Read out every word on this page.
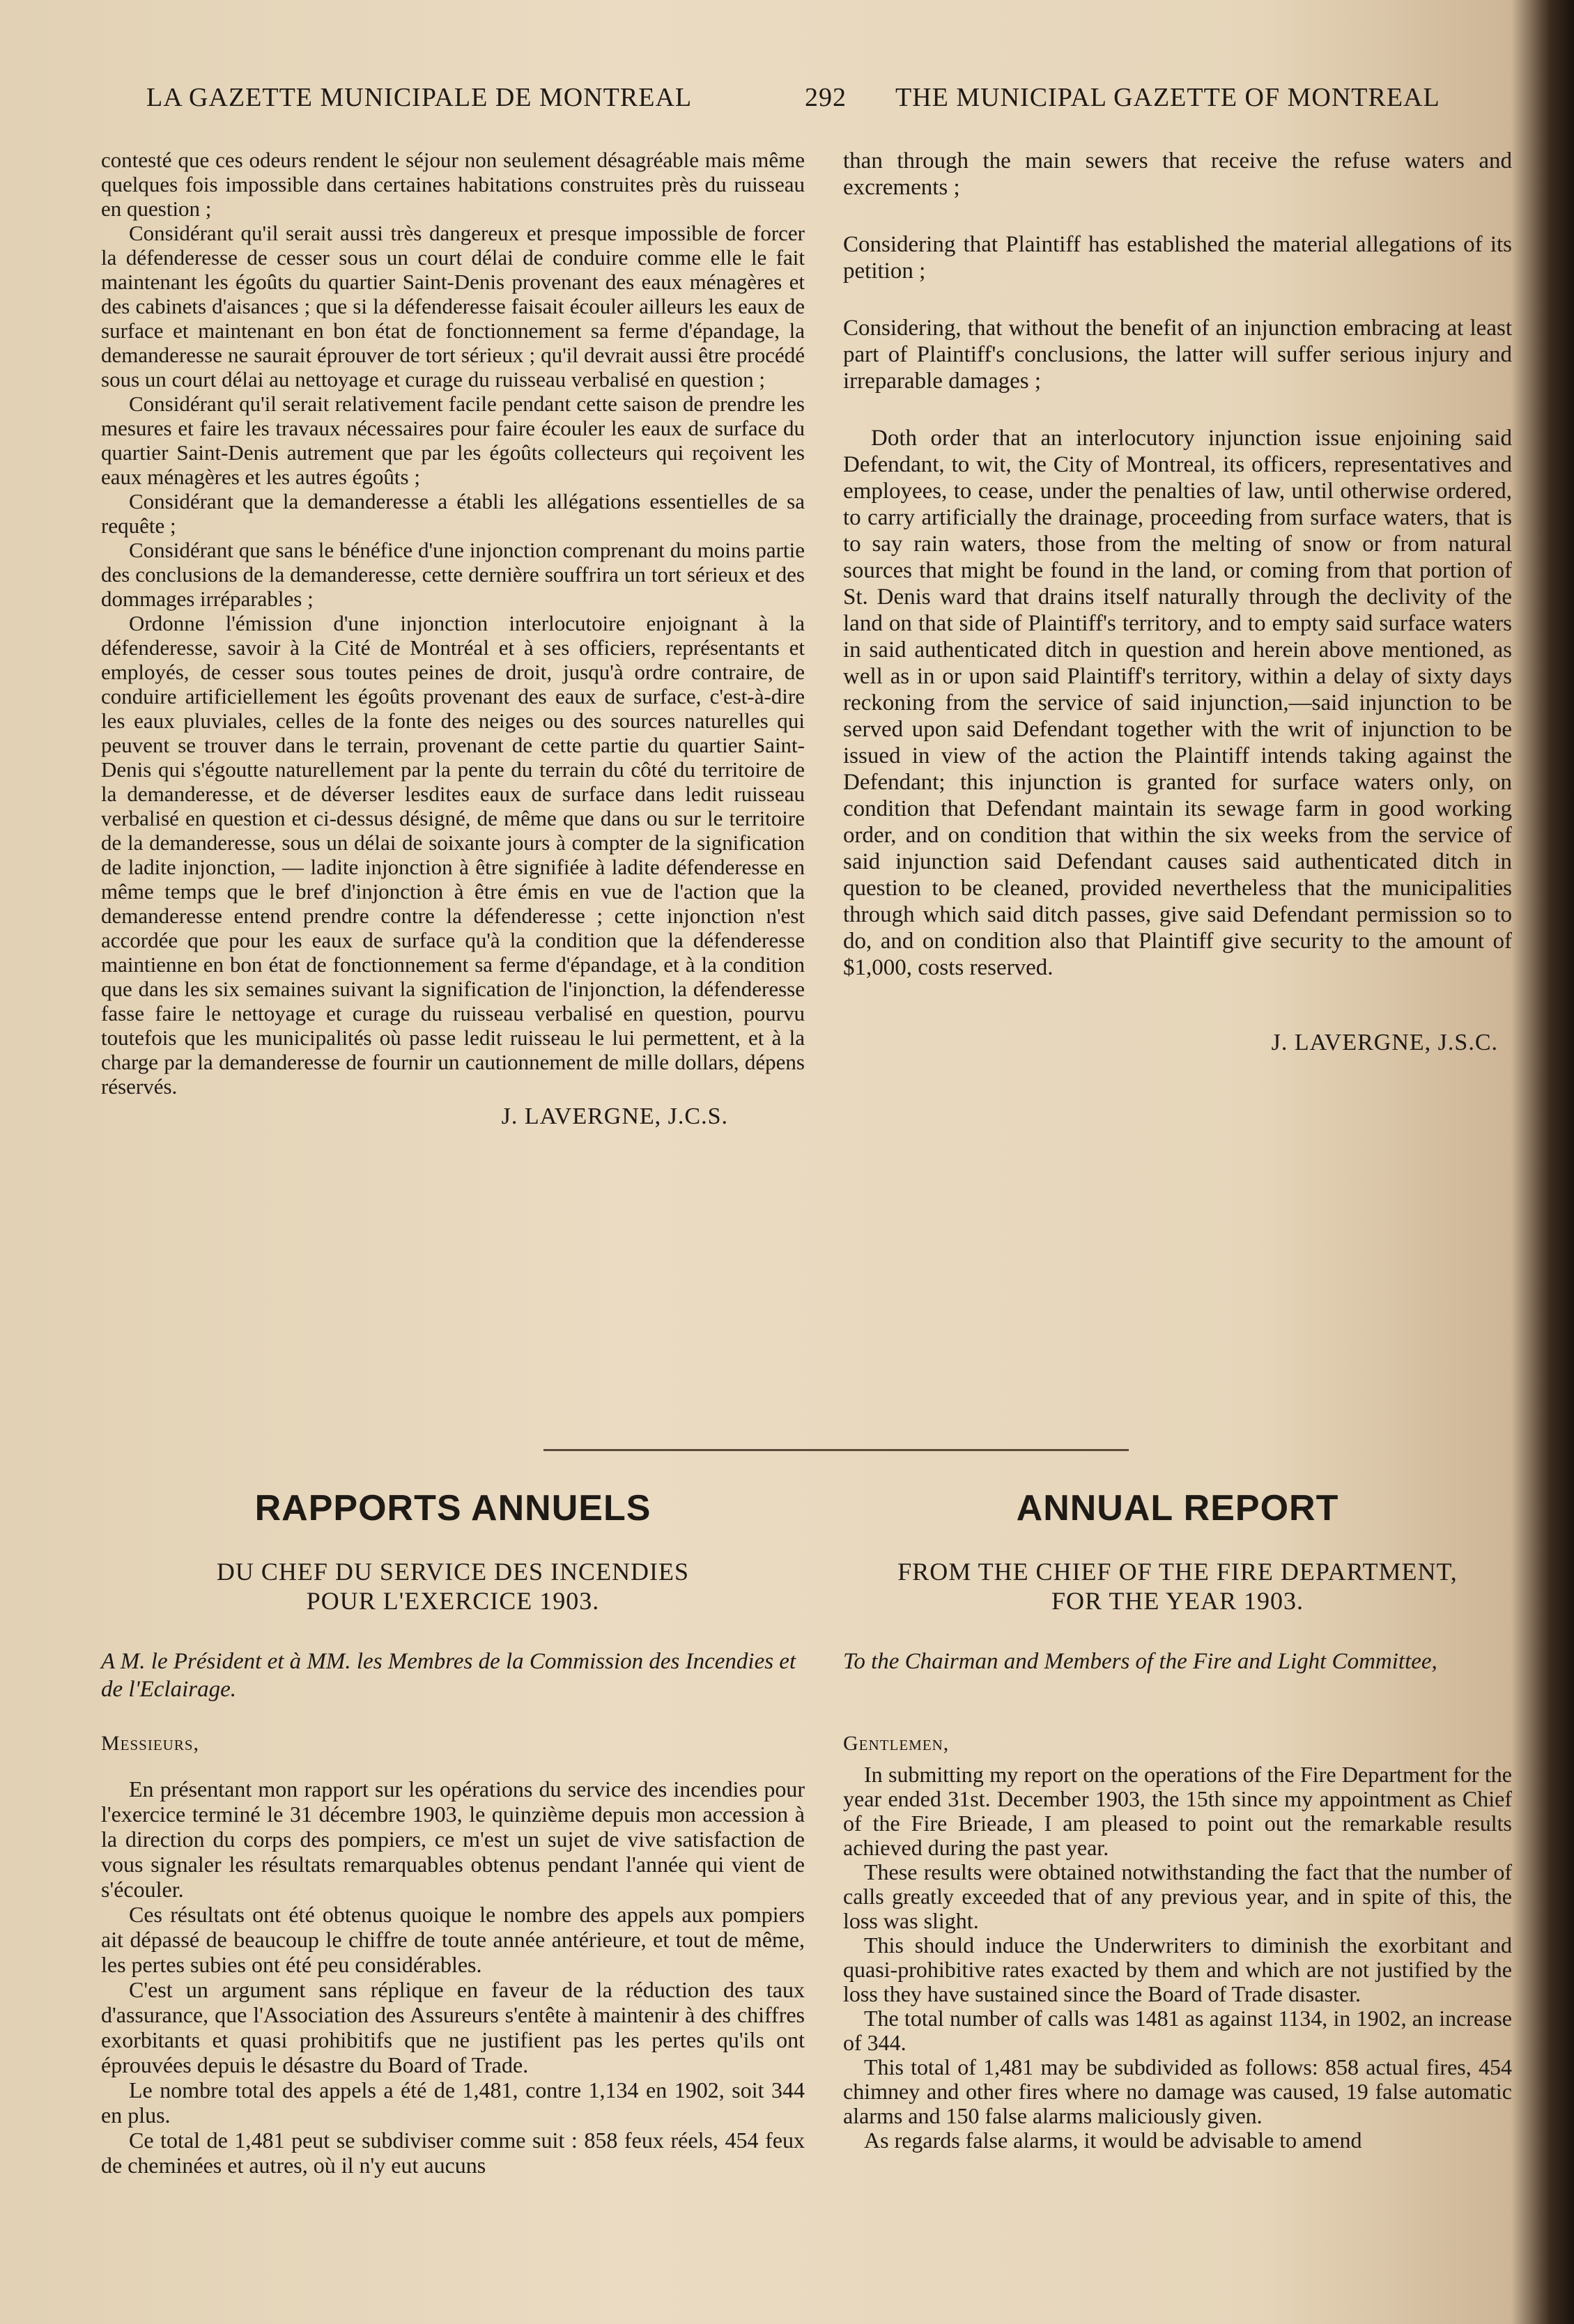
LA GAZETTE MUNICIPALE DE MONTREAL	292 THE MUNICIPAL GAZETTE OF MONTREAL

contesté que ces odeurs rendent le séjour non seulement désagréable mais même quelques fois impossible dans certaines habitations construites près du ruisseau en question ;

Considérant qu'il serait aussi très dangereux et presque impossible de forcer la défenderesse de cesser sous un court délai de conduire comme elle le fait maintenant les égoûts du quartier Saint-Denis provenant des eaux ménagères et des cabinets d'aisances ; que si la défenderesse faisait écouler ailleurs les eaux de surface et maintenant en bon état de fonctionnement sa ferme d'épandage, la demanderesse ne saurait éprouver de tort sérieux ; qu'il devrait aussi être procédé sous un court délai au nettoyage et curage du ruisseau verbalisé en question ;

Considérant qu'il serait relativement facile pendant cette saison de prendre les mesures et faire les travaux nécessaires pour faire écouler les eaux de surface du quartier Saint-Denis autrement que par les égoûts collecteurs qui reçoivent les eaux ménagères et les autres égoûts ;

Considérant que la demanderesse a établi les allégations essentielles de sa requête ;

Considérant que sans le bénéfice d'une injonction comprenant du moins partie des conclusions de la demanderesse, cette dernière souffrira un tort sérieux et des dommages irréparables ;

Ordonne l'émission d'une injonction interlocutoire enjoignant à la défenderesse, savoir à la Cité de Montréal et à ses officiers, représentants et employés, de cesser sous toutes peines de droit, jusqu'à ordre contraire, de conduire artificiellement les égoûts provenant des eaux de surface, c'est-à-dire les eaux pluviales, celles de la fonte des neiges ou des sources naturelles qui peuvent se trouver dans le terrain, provenant de cette partie du quartier Saint-Denis qui s'égoutte naturellement par la pente du terrain du côté du territoire de la demanderesse, et de déverser lesdites eaux de surface dans ledit ruisseau verbalisé en question et ci-dessus désigné, de même que dans ou sur le territoire de la demanderesse, sous un délai de soixante jours à compter de la signification de ladite injonction, — ladite injonction à être signifiée à ladite défenderesse en même temps que le bref d'injonction à être émis en vue de l'action que la demanderesse entend prendre contre la défenderesse ; cette injonction n'est accordée que pour les eaux de surface qu'à la condition que la défenderesse maintienne en bon état de fonctionnement sa ferme d'épandage, et à la condition que dans les six semaines suivant la signification de l'injonction, la défenderesse fasse faire le nettoyage et curage du ruisseau verbalisé en question, pourvu toutefois que les municipalités où passe ledit ruisseau le lui permettent, et à la charge par la demanderesse de fournir un cautionnement de mille dollars, dépens réservés.

J. LAVERGNE, J.C.S.

than through the main sewers that receive the refuse waters and excrements ;

Considering that Plaintiff has established the material allegations of its petition ;

Considering, that without the benefit of an injunction embracing at least part of Plaintiff's conclusions, the latter will suffer serious injury and irreparable damages ;

Doth order that an interlocutory injunction issue enjoining said Defendant, to wit, the City of Montreal, its officers, representatives and employees, to cease, under the penalties of law, until otherwise ordered, to carry artificially the drainage, proceeding from surface waters, that is to say rain waters, those from the melting of snow or from natural sources that might be found in the land, or coming from that portion of St. Denis ward that drains itself naturally through the declivity of the land on that side of Plaintiff's territory, and to empty said surface waters in said authenticated ditch in question and herein above mentioned, as well as in or upon said Plaintiff's territory, within a delay of sixty days reckoning from the service of said injunction,—said injunction to be served upon said Defendant together with the writ of injunction to be issued in view of the action the Plaintiff intends taking against the Defendant; this injunction is granted for surface waters only, on condition that Defendant maintain its sewage farm in good working order, and on condition that within the six weeks from the service of said injunction said Defendant causes said authenticated ditch in question to be cleaned, provided nevertheless that the municipalities through which said ditch passes, give said Defendant permission so to do, and on condition also that Plaintiff give security to the amount of $1,000, costs reserved.

J. LAVERGNE, J.S.C.
RAPPORTS ANNUELS	ANNUAL REPORT
DU CHEF DU SERVICE DES INCENDIES
POUR L'EXERCICE 1903.
FROM THE CHIEF OF THE FIRE DEPARTMENT,
FOR THE YEAR 1903.
A M. le Président et à MM. les Membres de la Commission des Incendies et de l'Eclairage.
To the Chairman and Members of the Fire and Light Committee,
Messieurs,	Gentlemen,

En présentant mon rapport sur les opérations du service des incendies pour l'exercice terminé le 31 décembre 1903, le quinzième depuis mon accession à la direction du corps des pompiers, ce m'est un sujet de vive satisfaction de vous signaler les résultats remarquables obtenus pendant l'année qui vient de s'écouler.

Ces résultats ont été obtenus quoique le nombre des appels aux pompiers ait dépassé de beaucoup le chiffre de toute année antérieure, et tout de même, les pertes subies ont été peu considérables.

C'est un argument sans réplique en faveur de la réduction des taux d'assurance, que l'Association des Assureurs s'entête à maintenir à des chiffres exorbitants et quasi prohibitifs que ne justifient pas les pertes qu'ils ont éprouvées depuis le désastre du Board of Trade.

Le nombre total des appels a été de 1,481, contre 1,134 en 1902, soit 344 en plus.

Ce total de 1,481 peut se subdiviser comme suit : 858 feux réels, 454 feux de cheminées et autres, où il n'y eut aucuns

In submitting my report on the operations of the Fire Department for the year ended 31st. December 1903, the 15th since my appointment as Chief of the Fire Brieade, I am pleased to point out the remarkable results achieved during the past year.

These results were obtained notwithstanding the fact that the number of calls greatly exceeded that of any previous year, and in spite of this, the loss was slight.

This should induce the Underwriters to diminish the exorbitant and quasi-prohibitive rates exacted by them and which are not justified by the loss they have sustained since the Board of Trade disaster.

The total number of calls was 1481 as against 1134, in 1902, an increase of 344.

This total of 1,481 may be subdivided as follows: 858 actual fires, 454 chimney and other fires where no damage was caused, 19 false automatic alarms and 150 false alarms maliciously given.

As regards false alarms, it would be advisable to amend
